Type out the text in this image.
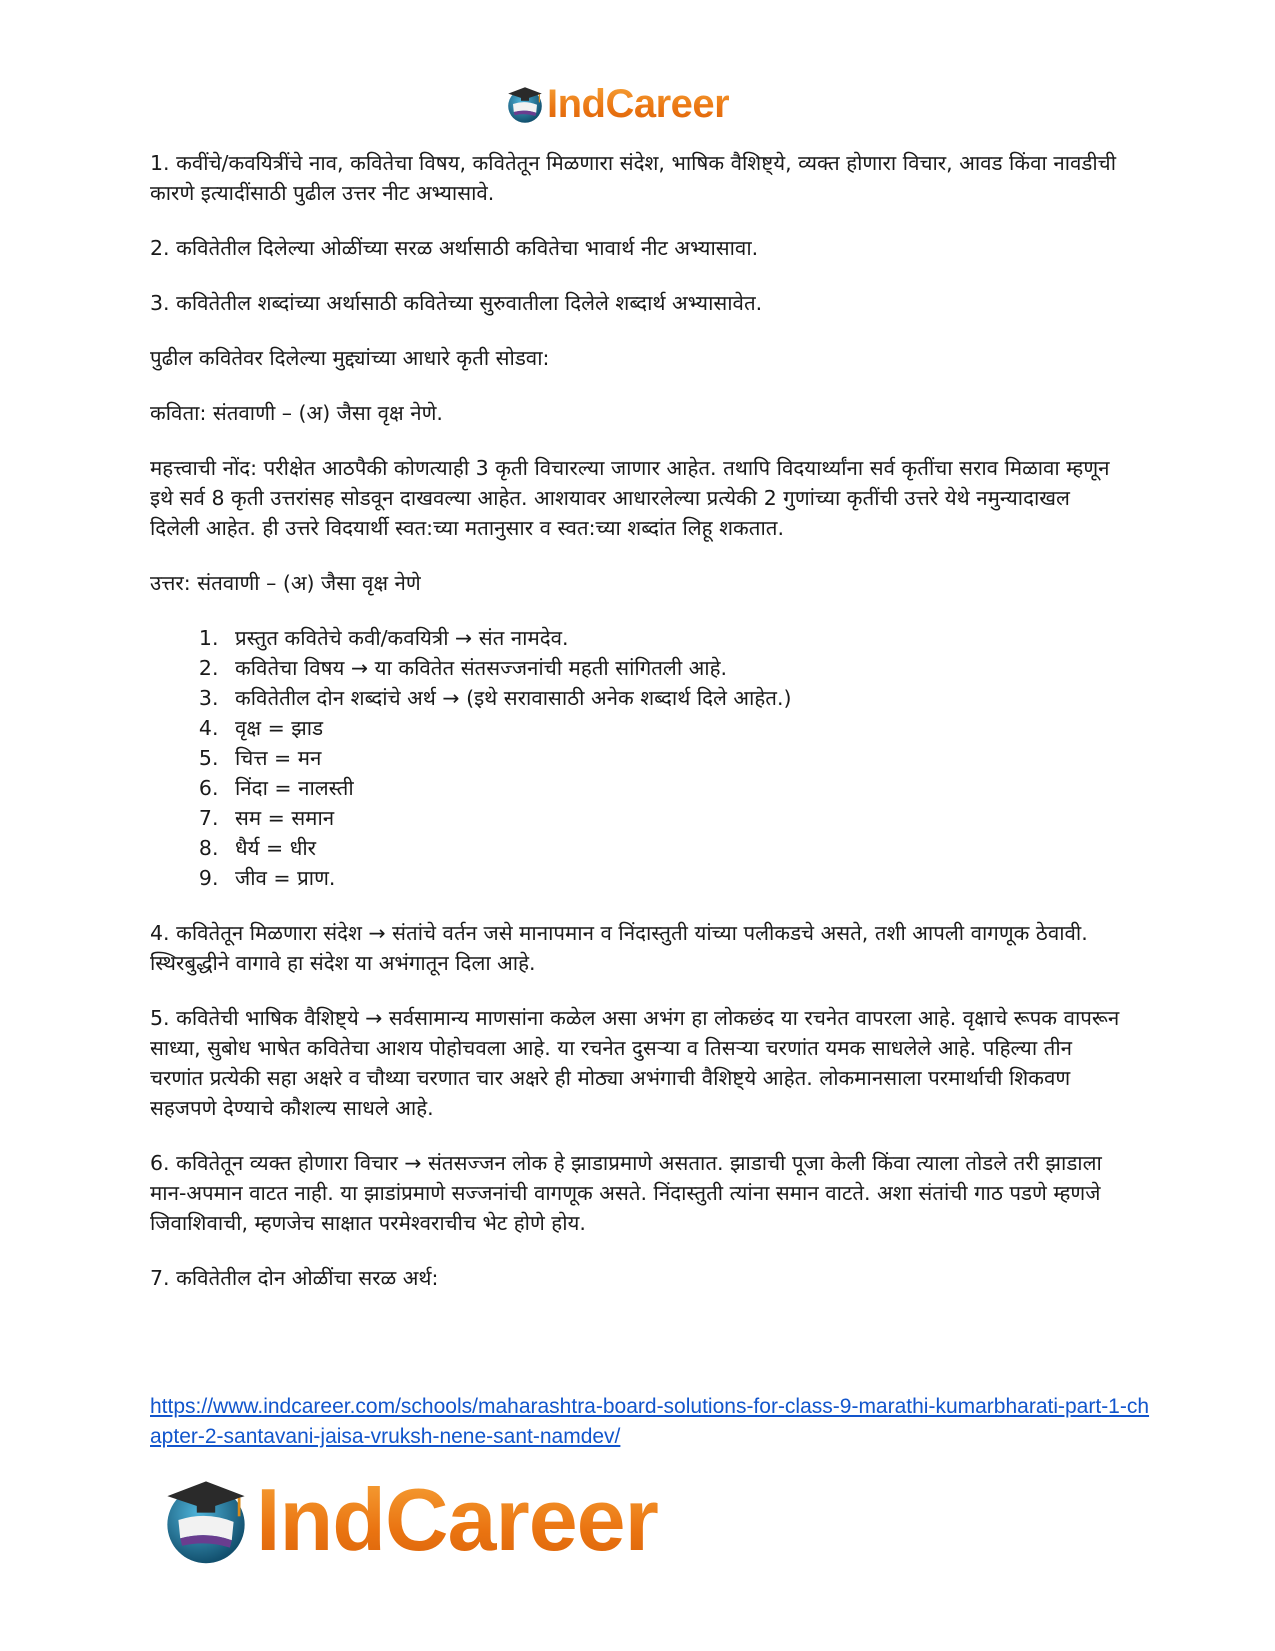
IndCareer

1. कवींचे/कवयित्रींचे नाव, कवितेचा विषय, कवितेतून मिळणारा संदेश, भाषिक वैशिष्ट्ये, व्यक्त होणारा विचार, आवड किंवा नावडीची कारणे इत्यादींसाठी पुढील उत्तर नीट अभ्यासावे.

2. कवितेतील दिलेल्या ओळींच्या सरळ अर्थासाठी कवितेचा भावार्थ नीट अभ्यासावा.

3. कवितेतील शब्दांच्या अर्थासाठी कवितेच्या सुरुवातीला दिलेले शब्दार्थ अभ्यासावेत.

पुढील कवितेवर दिलेल्या मुद्द्यांच्या आधारे कृती सोडवा:

कविता: संतवाणी – (अ) जैसा वृक्ष नेणे.

महत्त्वाची नोंद: परीक्षेत आठपैकी कोणत्याही 3 कृती विचारल्या जाणार आहेत. तथापि विदयार्थ्यांना सर्व कृतींचा सराव मिळावा म्हणून इथे सर्व 8 कृती उत्तरांसह सोडवून दाखवल्या आहेत. आशयावर आधारलेल्या प्रत्येकी 2 गुणांच्या कृतींची उत्तरे येथे नमुन्यादाखल दिलेली आहेत. ही उत्तरे विदयार्थी स्वत:च्या मतानुसार व स्वत:च्या शब्दांत लिहू शकतात.

उत्तर: संतवाणी – (अ) जैसा वृक्ष नेणे

1. प्रस्तुत कवितेचे कवी/कवयित्री → संत नामदेव.
2. कवितेचा विषय → या कवितेत संतसज्जनांची महती सांगितली आहे.
3. कवितेतील दोन शब्दांचे अर्थ → (इथे सरावासाठी अनेक शब्दार्थ दिले आहेत.)
4. वृक्ष = झाड
5. चित्त = मन
6. निंदा = नालस्ती
7. सम = समान
8. धैर्य = धीर
9. जीव = प्राण.

4. कवितेतून मिळणारा संदेश → संतांचे वर्तन जसे मानापमान व निंदास्तुती यांच्या पलीकडचे असते, तशी आपली वागणूक ठेवावी. स्थिरबुद्धीने वागावे हा संदेश या अभंगातून दिला आहे.

5. कवितेची भाषिक वैशिष्ट्ये → सर्वसामान्य माणसांना कळेल असा अभंग हा लोकछंद या रचनेत वापरला आहे. वृक्षाचे रूपक वापरून साध्या, सुबोध भाषेत कवितेचा आशय पोहोचवला आहे. या रचनेत दुसऱ्या व तिसऱ्या चरणांत यमक साधलेले आहे. पहिल्या तीन चरणांत प्रत्येकी सहा अक्षरे व चौथ्या चरणात चार अक्षरे ही मोठ्या अभंगाची वैशिष्ट्ये आहेत. लोकमानसाला परमार्थाची शिकवण सहजपणे देण्याचे कौशल्य साधले आहे.

6. कवितेतून व्यक्त होणारा विचार → संतसज्जन लोक हे झाडाप्रमाणे असतात. झाडाची पूजा केली किंवा त्याला तोडले तरी झाडाला मान-अपमान वाटत नाही. या झाडांप्रमाणे सज्जनांची वागणूक असते. निंदास्तुती त्यांना समान वाटते. अशा संतांची गाठ पडणे म्हणजे जिवाशिवाची, म्हणजेच साक्षात परमेश्वराचीच भेट होणे होय.

7. कवितेतील दोन ओळींचा सरळ अर्थ:

https://www.indcareer.com/schools/maharashtra-board-solutions-for-class-9-marathi-kumarbharati-part-1-chapter-2-santavani-jaisa-vruksh-nene-sant-namdev/
IndCareer
